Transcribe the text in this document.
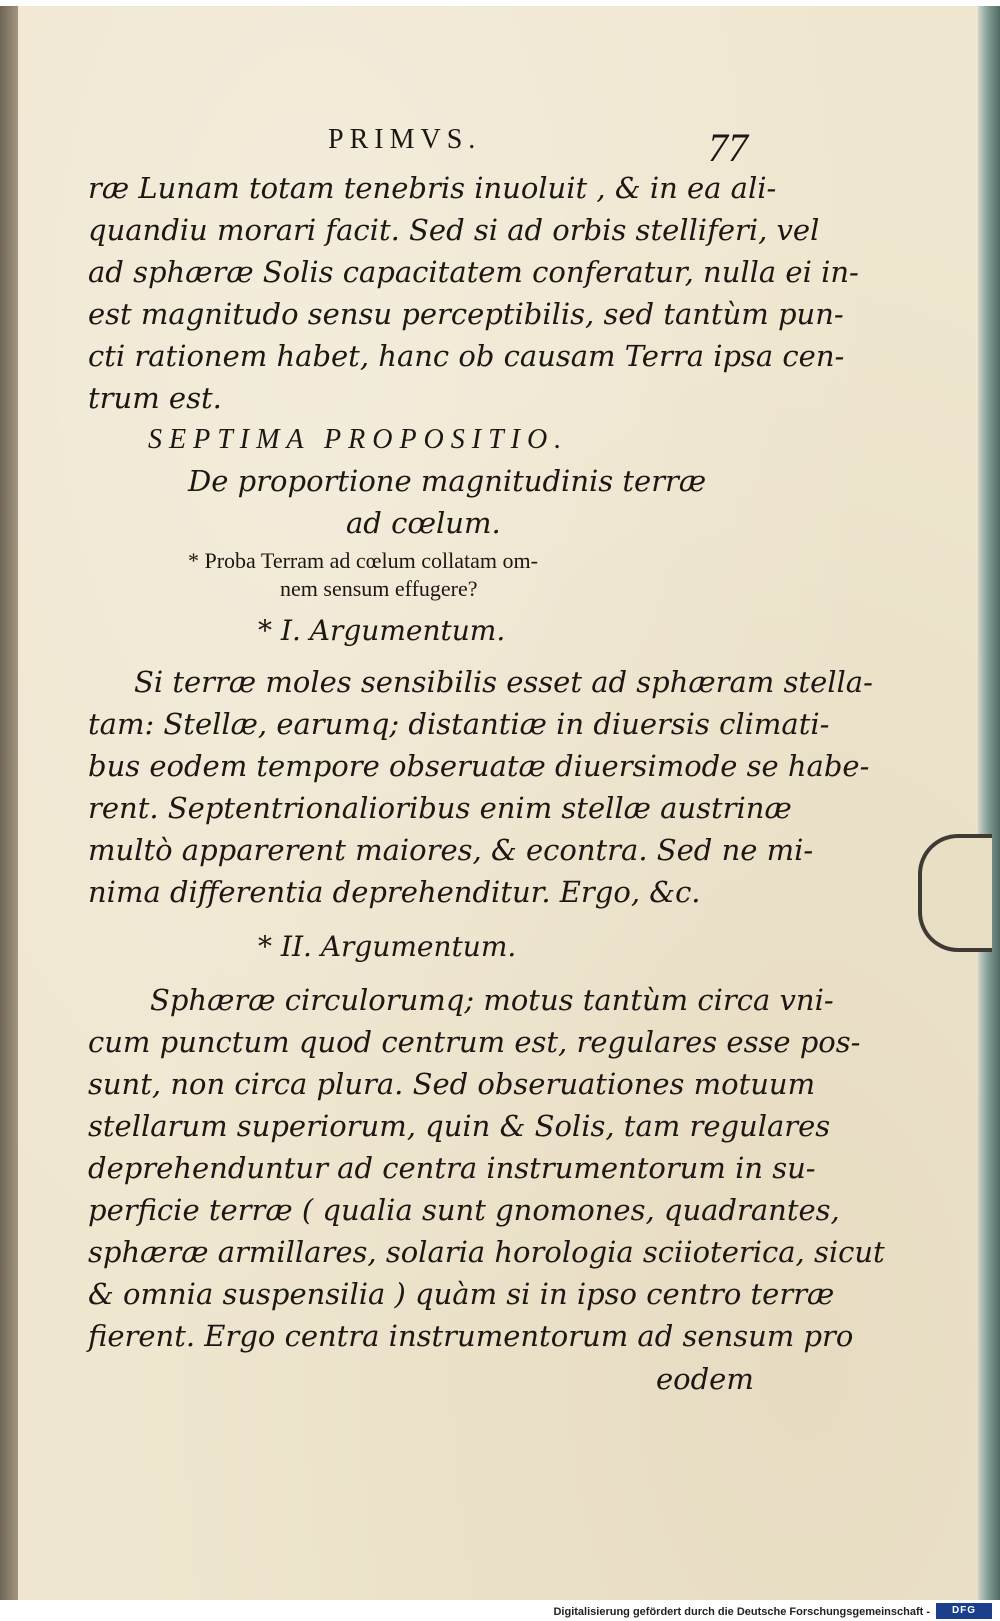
PRIMVS.	77
ræ Lunam totam tenebris inuoluit , & in ea ali-
quandiu morari facit. Sed si ad orbis stelliferi, vel
ad sphæræ Solis capacitatem conferatur, nulla ei in-
est magnitudo sensu perceptibilis, sed tantùm pun-
cti rationem habet, hanc ob causam Terra ipsa cen-
trum est.
SEPTIMA PROPOSITIO.
De proportione magnitudinis terræ
ad cœlum.
* Proba Terram ad cœlum collatam om-
nem sensum effugere?
* I. Argumentum.
Si terræ moles sensibilis esset ad sphæram stella-
tam: Stellæ, earumq; distantiæ in diuersis climati-
bus eodem tempore obseruatæ diuersimode se habe-
rent. Septentrionalioribus enim stellæ austrinæ
multò apparerent maiores, & econtra. Sed ne mi-
nima differentia deprehenditur. Ergo, &c.
* II. Argumentum.
Sphæræ circulorumq; motus tantùm circa vni-
cum punctum quod centrum est, regulares esse pos-
sunt, non circa plura. Sed obseruationes motuum
stellarum superiorum, quin & Solis, tam regulares
deprehenduntur ad centra instrumentorum in su-
perficie terræ ( qualia sunt gnomones, quadrantes,
sphæræ armillares, solaria horologia sciioterica, sicut
& omnia suspensilia ) quàm si in ipso centro terræ
fierent. Ergo centra instrumentorum ad sensum pro
eodem
Digitalisierung gefördert durch die Deutsche Forschungsgemeinschaft -	DFG
